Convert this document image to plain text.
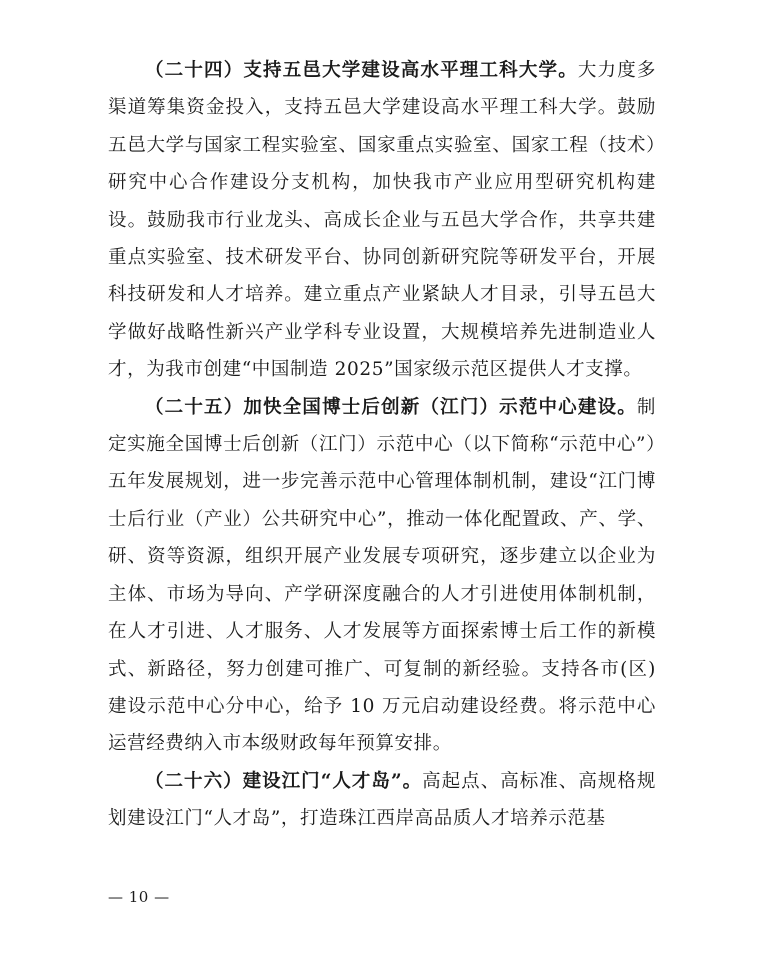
（二十四）支持五邑大学建设高水平理工科大学。大力度多渠道筹集资金投入，支持五邑大学建设高水平理工科大学。鼓励五邑大学与国家工程实验室、国家重点实验室、国家工程（技术）研究中心合作建设分支机构，加快我市产业应用型研究机构建设。鼓励我市行业龙头、高成长企业与五邑大学合作，共享共建重点实验室、技术研发平台、协同创新研究院等研发平台，开展科技研发和人才培养。建立重点产业紧缺人才目录，引导五邑大学做好战略性新兴产业学科专业设置，大规模培养先进制造业人才，为我市创建“中国制造 2025”国家级示范区提供人才支撑。

（二十五）加快全国博士后创新（江门）示范中心建设。制定实施全国博士后创新（江门）示范中心（以下简称“示范中心”）五年发展规划，进一步完善示范中心管理体制机制，建设“江门博士后行业（产业）公共研究中心”，推动一体化配置政、产、学、研、资等资源，组织开展产业发展专项研究，逐步建立以企业为主体、市场为导向、产学研深度融合的人才引进使用体制机制，在人才引进、人才服务、人才发展等方面探索博士后工作的新模式、新路径，努力创建可推广、可复制的新经验。支持各市(区)建设示范中心分中心，给予 10 万元启动建设经费。将示范中心运营经费纳入市本级财政每年预算安排。

（二十六）建设江门“人才岛”。高起点、高标准、高规格规划建设江门“人才岛”，打造珠江西岸高品质人才培养示范基

— 10 —
